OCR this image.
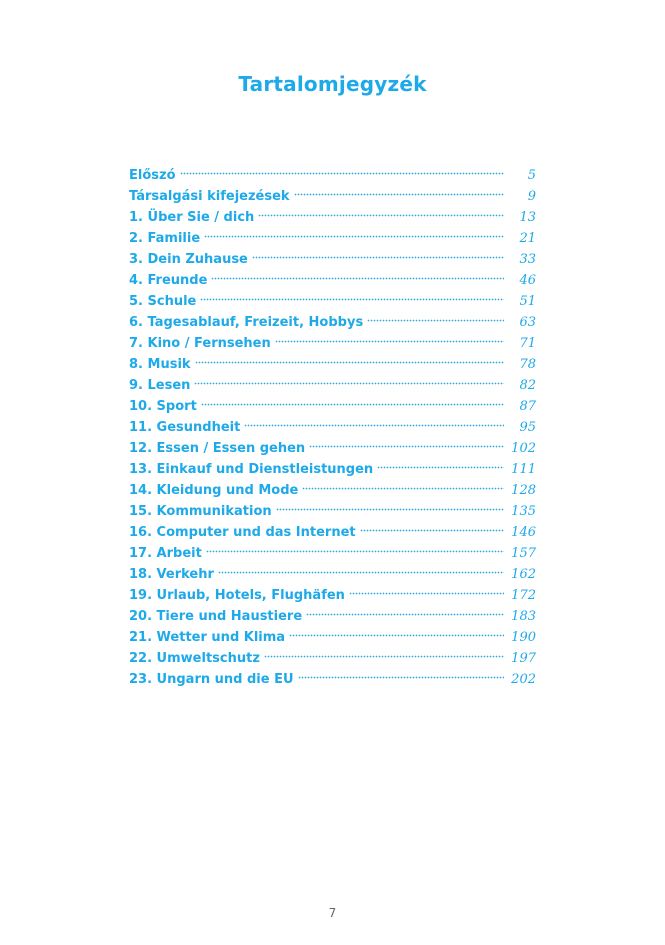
Tartalomjegyzék
Előszó	5
Társalgási kifejezések	9
1. Über Sie / dich	13
2. Familie	21
3. Dein Zuhause	33
4. Freunde	46
5. Schule	51
6. Tagesablauf, Freizeit, Hobbys	63
7. Kino / Fernsehen	71
8. Musik	78
9. Lesen	82
10. Sport	87
11. Gesundheit	95
12. Essen / Essen gehen	102
13. Einkauf und Dienstleistungen	111
14. Kleidung und Mode	128
15. Kommunikation	135
16. Computer und das Internet	146
17. Arbeit	157
18. Verkehr	162
19. Urlaub, Hotels, Flughäfen	172
20. Tiere und Haustiere	183
21. Wetter und Klima	190
22. Umweltschutz	197
23. Ungarn und die EU	202
7
